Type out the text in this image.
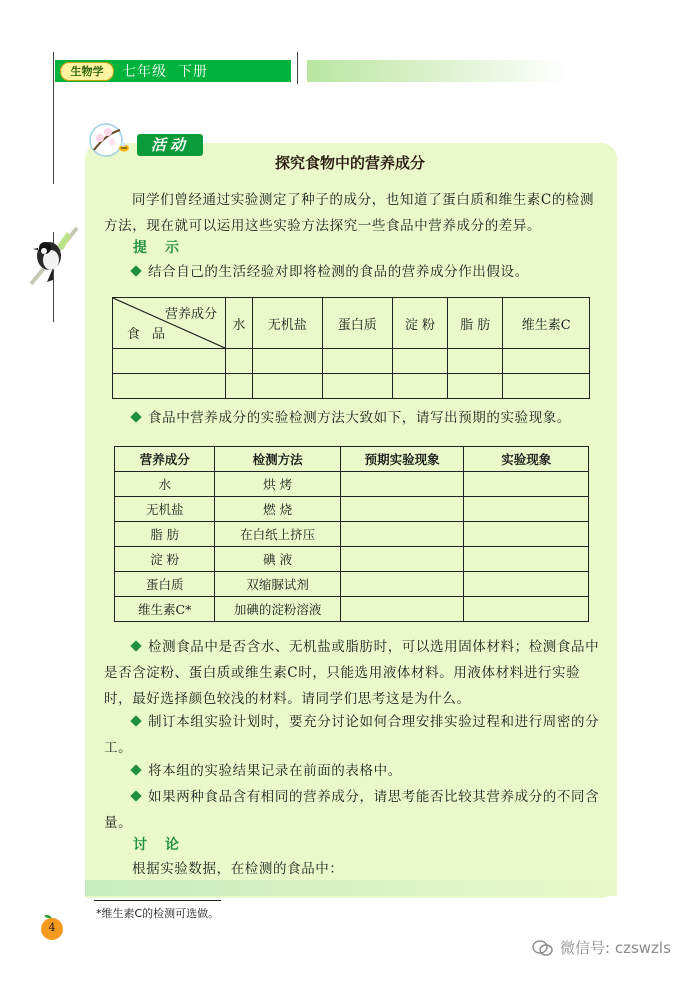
生物学	七年级  下册
活动
探究食物中的营养成分
同学们曾经通过实验测定了种子的成分，也知道了蛋白质和维生素C的检测方法，现在就可以运用这些实验方法探究一些食品中营养成分的差异。
提示
结合自己的生活经验对即将检测的食品的营养成分作出假设。
营养成分
食品	水	无机盐	蛋白质	淀 粉	脂 肪	维生素C

食品中营养成分的实验检测方法大致如下，请写出预期的实验现象。
营养成分	检测方法	预期实验现象	实验现象
水	烘 烤		
无机盐	燃 烧		
脂 肪	在白纸上挤压		
淀 粉	碘 液		
蛋白质	双缩脲试剂		
维生素C*	加碘的淀粉溶液		
检测食品中是否含水、无机盐或脂肪时，可以选用固体材料；检测食品中是否含淀粉、蛋白质或维生素C时，只能选用液体材料。用液体材料进行实验时，最好选择颜色较浅的材料。请同学们思考这是为什么。
制订本组实验计划时，要充分讨论如何合理安排实验过程和进行周密的分工。
将本组的实验结果记录在前面的表格中。
如果两种食品含有相同的营养成分，请思考能否比较其营养成分的不同含量。
讨论
根据实验数据，在检测的食品中：
*维生素C的检测可选做。
4
微信号: czswzls
